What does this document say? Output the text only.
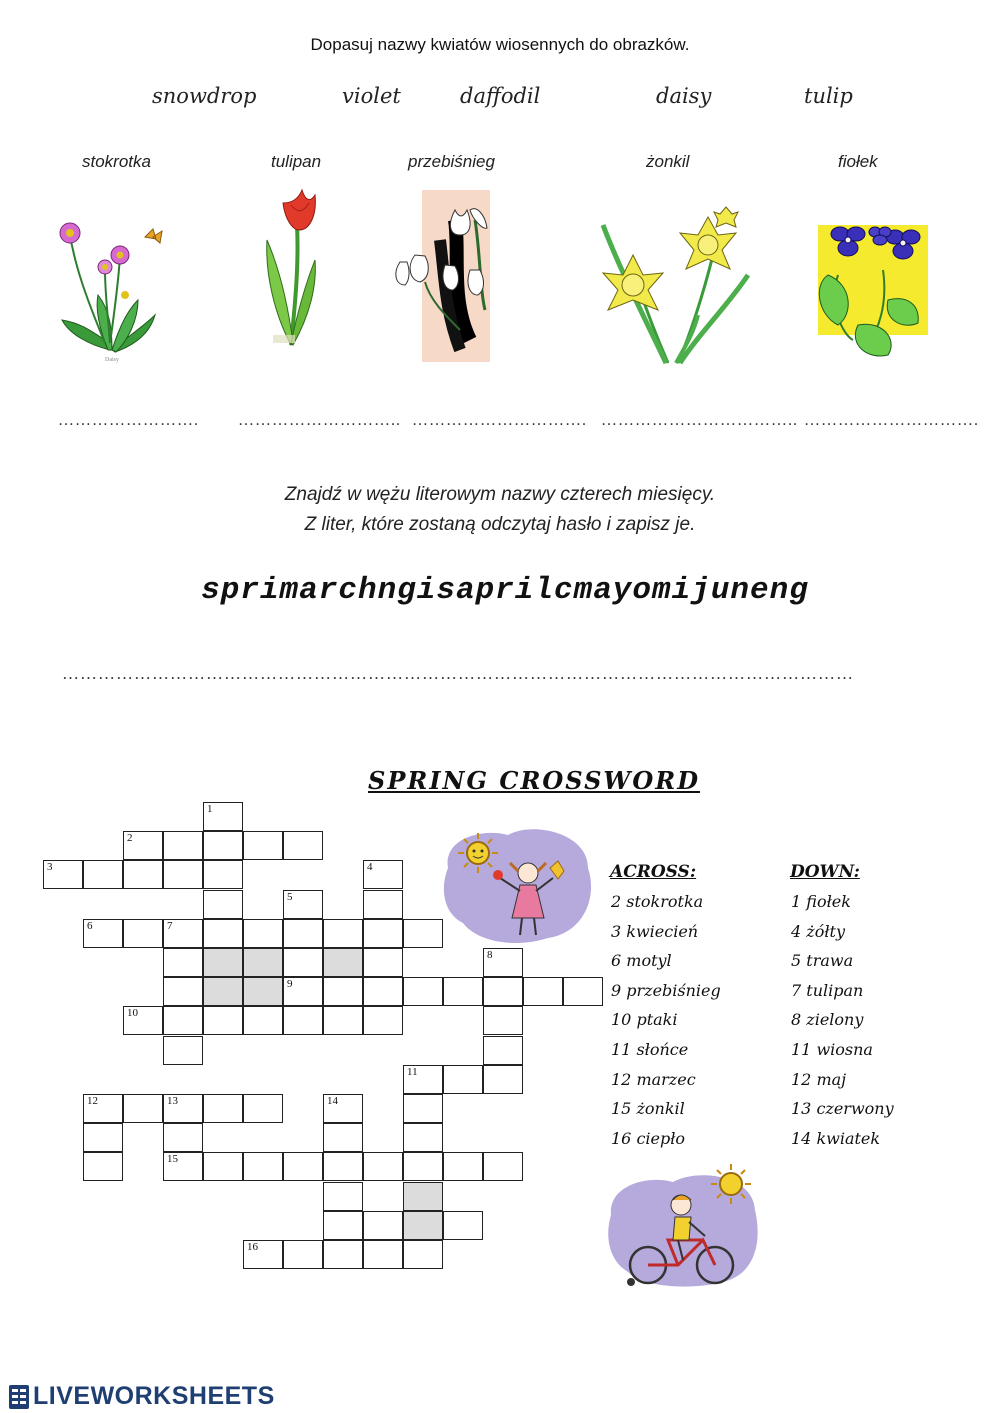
Dopasuj nazwy kwiatów wiosennych do obrazków.
snowdrop	violet	daffodil	daisy	tulip
stokrotka	tulipan	przebiśnieg	żonkil	fiołek
Daisy
……………………. ……………………….. …………………………. …………………………….. ………………………….
Znajdź w wężu literowym nazwy czterech miesięcy.
Z liter, które zostaną odczytaj hasło i zapisz je.
sprimarchngisaprilcmayomijuneng
……………………………………………………………………………………………………………………
SPRING CROSSWORD
1
2
3	4
5
6	7
8
9
10
11
12	13	14
15
16
ACROSS:	DOWN:
2 stokrotka
3 kwiecień
6 motyl
9 przebiśnieg
10 ptaki
11 słońce
12 marzec
15 żonkil
16 ciepło
1 fiołek
4 żółty
5 trawa
7 tulipan
8 zielony
11 wiosna
12 maj
13 czerwony
14 kwiatek
LIVEWORKSHEETS
